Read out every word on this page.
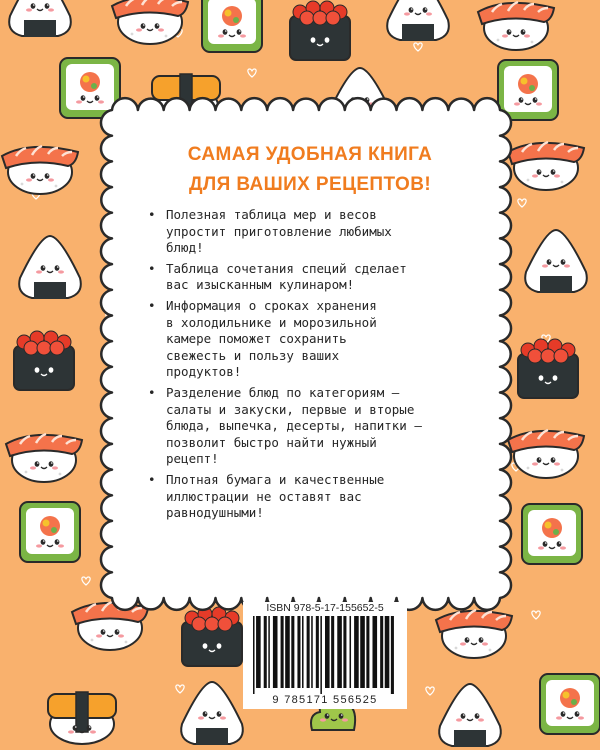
САМАЯ УДОБНАЯ КНИГА
ДЛЯ ВАШИХ РЕЦЕПТОВ!
• Полезная таблица мер и весов
упростит приготовление любимых
блюд!
• Таблица сочетания специй сделает
вас изысканным кулинаром!
• Информация о сроках хранения
в холодильнике и морозильной
камере поможет сохранить
свежесть и пользу ваших
продуктов!
• Разделение блюд по категориям —
салаты и закуски, первые и вторые
блюда, выпечка, десерты, напитки —
позволит быстро найти нужный
рецепт!
• Плотная бумага и качественные
иллюстрации не оставят вас
равнодушными!
ISBN 978-5-17-155652-5
9 785171 556525
